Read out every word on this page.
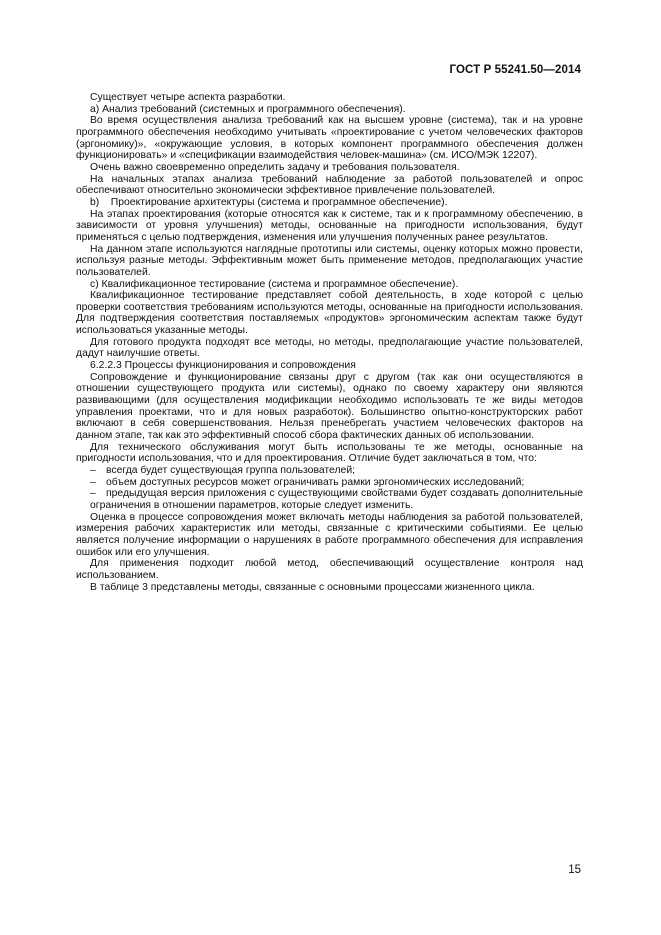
ГОСТ Р 55241.50—2014

Существует четыре аспекта разработки.

а) Анализ требований (системных и программного обеспечения).

Во время осуществления анализа требований как на высшем уровне (система), так и на уровне программного обеспечения необходимо учитывать «проектирование с учетом человеческих факторов (эргономику)», «окружающие условия, в которых компонент программного обеспечения должен функционировать» и «спецификации взаимодействия человек-машина» (см. ИСО/МЭК 12207).

Очень важно своевременно определить задачу и требования пользователя.

На начальных этапах анализа требований наблюдение за работой пользователей и опрос обеспечивают относительно экономически эффективное привлечение пользователей.

b)    Проектирование архитектуры (система и программное обеспечение).

На этапах проектирования (которые относятся как к системе, так и к программному обеспечению, в зависимости от уровня улучшения) методы, основанные на пригодности использования, будут применяться с целью подтверждения, изменения или улучшения полученных ранее результатов.

На данном этапе используются наглядные прототипы или системы, оценку которых можно провести, используя разные методы. Эффективным может быть применение методов, предполагающих участие пользователей.

с) Квалификационное тестирование (система и программное обеспечение).

Квалификационное тестирование представляет собой деятельность, в ходе которой с целью проверки соответствия требованиям используются методы, основанные на пригодности использования. Для подтверждения соответствия поставляемых «продуктов» эргономическим аспектам также будут использоваться указанные методы.

Для готового продукта подходят все методы, но методы, предполагающие участие пользователей, дадут наилучшие ответы.

6.2.2.3 Процессы функционирования и сопровождения

Сопровождение и функционирование связаны друг с другом (так как они осуществляются в отношении существующего продукта или системы), однако по своему характеру они являются развивающими (для осуществления модификации необходимо использовать те же виды методов управления проектами, что и для новых разработок). Большинство опытно-конструкторских работ включают в себя совершенствования. Нельзя пренебрегать участием человеческих факторов на данном этапе, так как это эффективный способ сбора фактических данных об использовании.

Для технического обслуживания могут быть использованы те же методы, основанные на пригодности использования, что и для проектирования. Отличие будет заключаться в том, что:

– всегда будет существующая группа пользователей;

– объем доступных ресурсов может ограничивать рамки эргономических исследований;

– предыдущая версия приложения с существующими свойствами будет создавать дополнительные ограничения в отношении параметров, которые следует изменить.

Оценка в процессе сопровождения может включать методы наблюдения за работой пользователей, измерения рабочих характеристик или методы, связанные с критическими событиями. Ее целью является получение информации о нарушениях в работе программного обеспечения для исправления ошибок или его улучшения.

Для применения подходит любой метод, обеспечивающий осуществление контроля над использованием.

В таблице 3 представлены методы, связанные с основными процессами жизненного цикла.

15
